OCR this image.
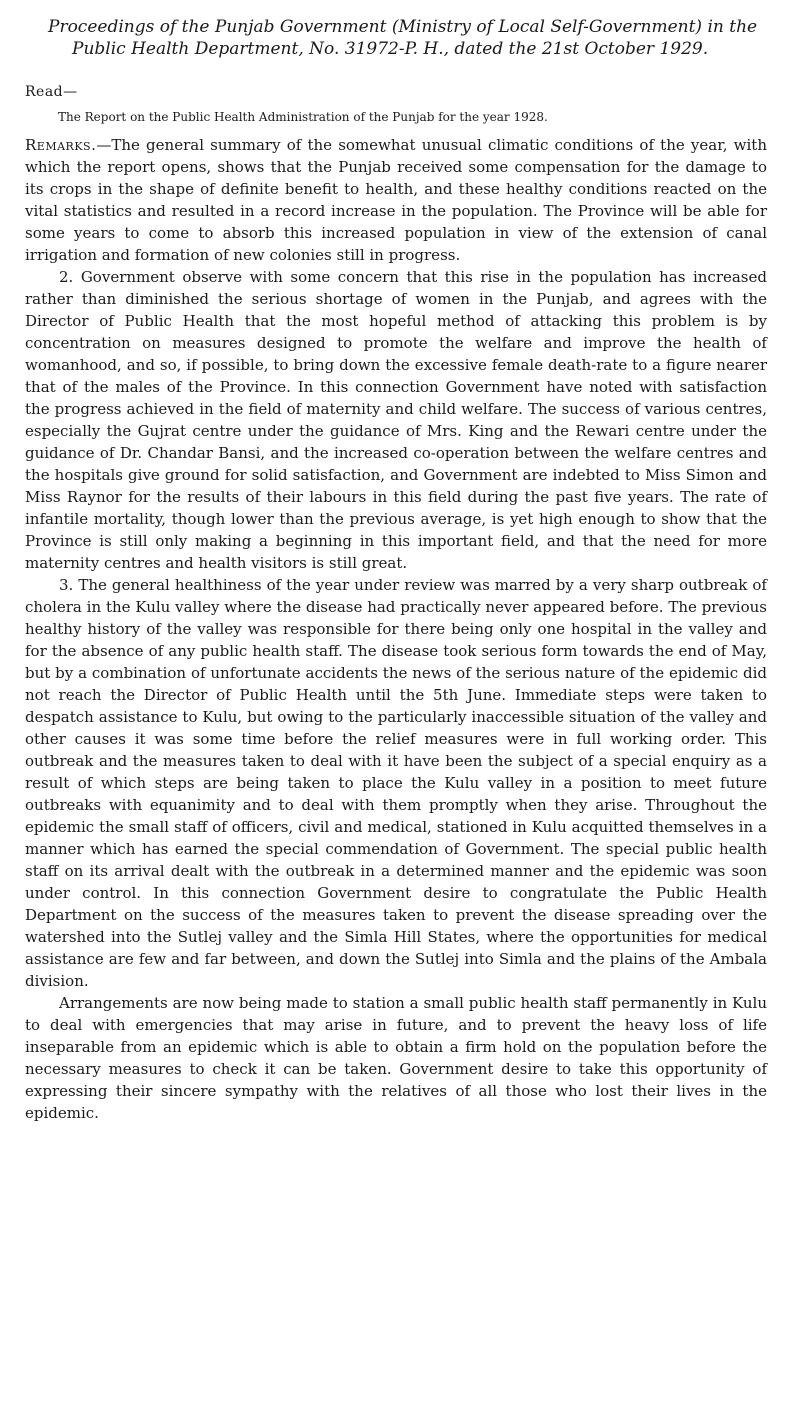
Proceedings of the Punjab Government (Ministry of Local Self-Government) in the Public Health Department, No. 31972-P. H., dated the 21st October 1929.
Read—
The Report on the Public Health Administration of the Punjab for the year 1928.

Remarks.—The general summary of the somewhat unusual climatic conditions of the year, with which the report opens, shows that the Punjab received some compensation for the damage to its crops in the shape of definite benefit to health, and these healthy conditions reacted on the vital statistics and resulted in a record increase in the population. The Province will be able for some years to come to absorb this increased population in view of the extension of canal irrigation and formation of new colonies still in progress.

2. Government observe with some concern that this rise in the population has increased rather than diminished the serious shortage of women in the Punjab, and agrees with the Director of Public Health that the most hopeful method of attacking this problem is by concentration on measures designed to promote the welfare and improve the health of womanhood, and so, if possible, to bring down the excessive female death-rate to a figure nearer that of the males of the Province. In this connection Government have noted with satisfaction the progress achieved in the field of maternity and child welfare. The success of various centres, especially the Gujrat centre under the guidance of Mrs. King and the Rewari centre under the guidance of Dr. Chandar Bansi, and the increased co-operation between the welfare centres and the hospitals give ground for solid satisfaction, and Government are indebted to Miss Simon and Miss Raynor for the results of their labours in this field during the past five years. The rate of infantile mortality, though lower than the previous average, is yet high enough to show that the Province is still only making a beginning in this important field, and that the need for more maternity centres and health visitors is still great.

3. The general healthiness of the year under review was marred by a very sharp outbreak of cholera in the Kulu valley where the disease had practically never appeared before. The previous healthy history of the valley was responsible for there being only one hospital in the valley and for the absence of any public health staff. The disease took serious form towards the end of May, but by a combination of unfortunate accidents the news of the serious nature of the epidemic did not reach the Director of Public Health until the 5th June. Immediate steps were taken to despatch assistance to Kulu, but owing to the particularly inaccessible situation of the valley and other causes it was some time before the relief measures were in full working order. This outbreak and the measures taken to deal with it have been the subject of a special enquiry as a result of which steps are being taken to place the Kulu valley in a position to meet future outbreaks with equanimity and to deal with them promptly when they arise. Throughout the epidemic the small staff of officers, civil and medical, stationed in Kulu acquitted themselves in a manner which has earned the special commendation of Government. The special public health staff on its arrival dealt with the outbreak in a determined manner and the epidemic was soon under control. In this connection Government desire to congratulate the Public Health Department on the success of the measures taken to prevent the disease spreading over the watershed into the Sutlej valley and the Simla Hill States, where the opportunities for medical assistance are few and far between, and down the Sutlej into Simla and the plains of the Ambala division.

Arrangements are now being made to station a small public health staff permanently in Kulu to deal with emergencies that may arise in future, and to prevent the heavy loss of life inseparable from an epidemic which is able to obtain a firm hold on the population before the necessary measures to check it can be taken. Government desire to take this opportunity of expressing their sincere sympathy with the relatives of all those who lost their lives in the epidemic.
